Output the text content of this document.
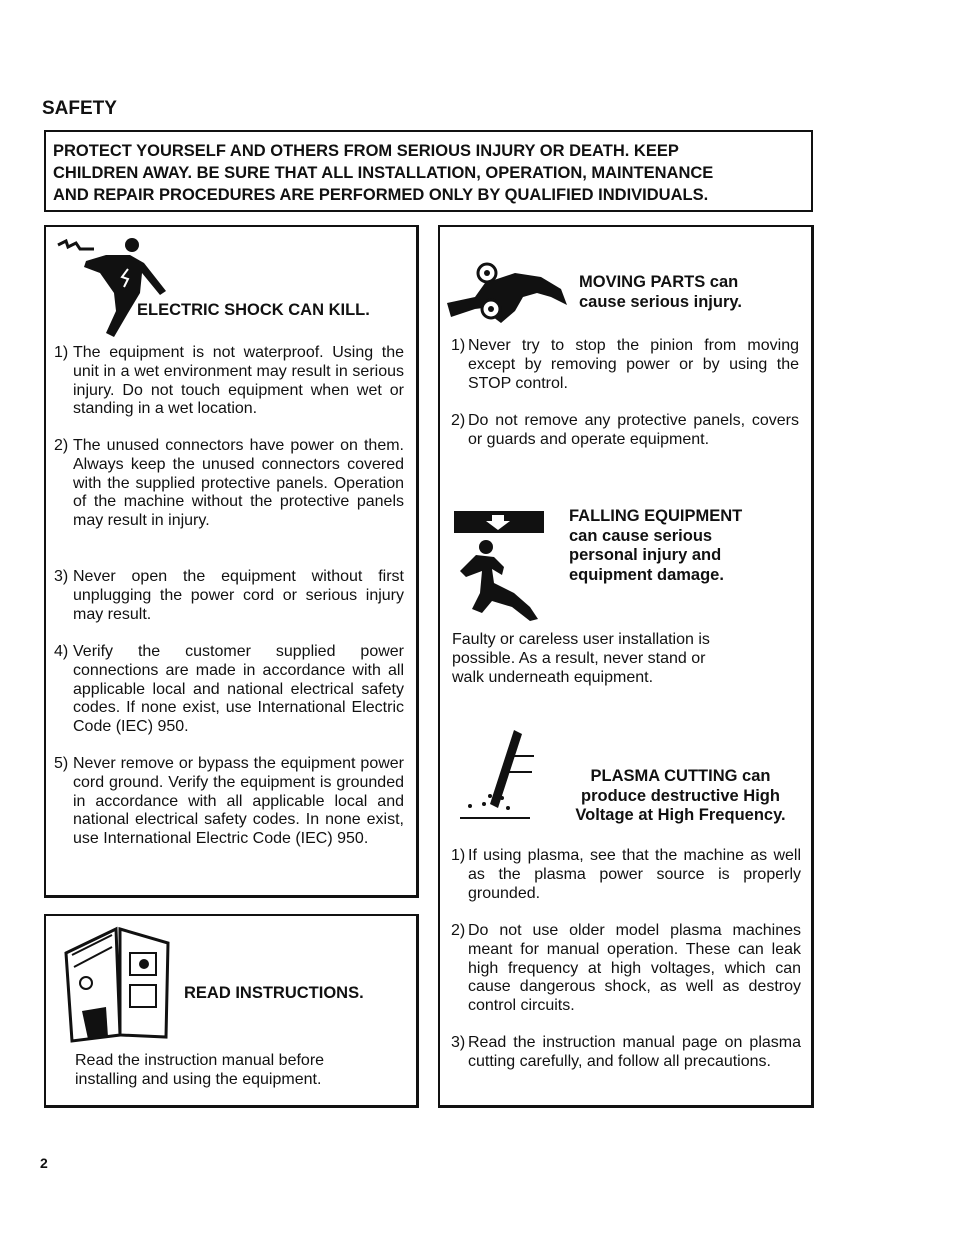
SAFETY
PROTECT YOURSELF AND OTHERS FROM SERIOUS INJURY OR DEATH. KEEP
CHILDREN AWAY. BE SURE THAT ALL INSTALLATION, OPERATION, MAINTENANCE
AND REPAIR PROCEDURES ARE PERFORMED ONLY BY QUALIFIED INDIVIDUALS.
ELECTRIC SHOCK CAN KILL.
1) The equipment is not waterproof. Using the unit in a wet environment may result in serious injury. Do not touch equipment when wet or standing in a wet location.
2) The unused connectors have power on them. Always keep the unused connectors covered with the supplied protective panels. Operation of the machine without the protective panels may result in injury.
3) Never open the equipment without first unplugging the power cord or serious injury may result.
4) Verify the customer supplied power connections are made in accordance with all applicable local and national electrical safety codes. If none exist, use International Electric Code (IEC) 950.
5) Never remove or bypass the equipment power cord ground. Verify the equipment is grounded in accordance with all applicable local and national electrical safety codes. In none exist, use International Electric Code (IEC) 950.
READ INSTRUCTIONS.
Read the instruction manual before
installing and using the equipment.
MOVING PARTS can
cause serious injury.
1) Never try to stop the pinion from moving except by removing power or by using the STOP control.
2) Do not remove any protective panels, covers or guards and operate equipment.
FALLING EQUIPMENT
can cause serious
personal injury and
equipment damage.
Faulty or careless user installation is
possible. As a result, never stand or
walk underneath equipment.
PLASMA CUTTING can
produce destructive High
Voltage at High Frequency.
1) If using plasma, see that the machine as well as the plasma power source is properly grounded.
2) Do not use older model plasma machines meant for manual operation. These can leak high frequency at high voltages, which can cause dangerous shock, as well as destroy control circuits.
3) Read the instruction manual page on plasma cutting carefully, and follow all precautions.
2
